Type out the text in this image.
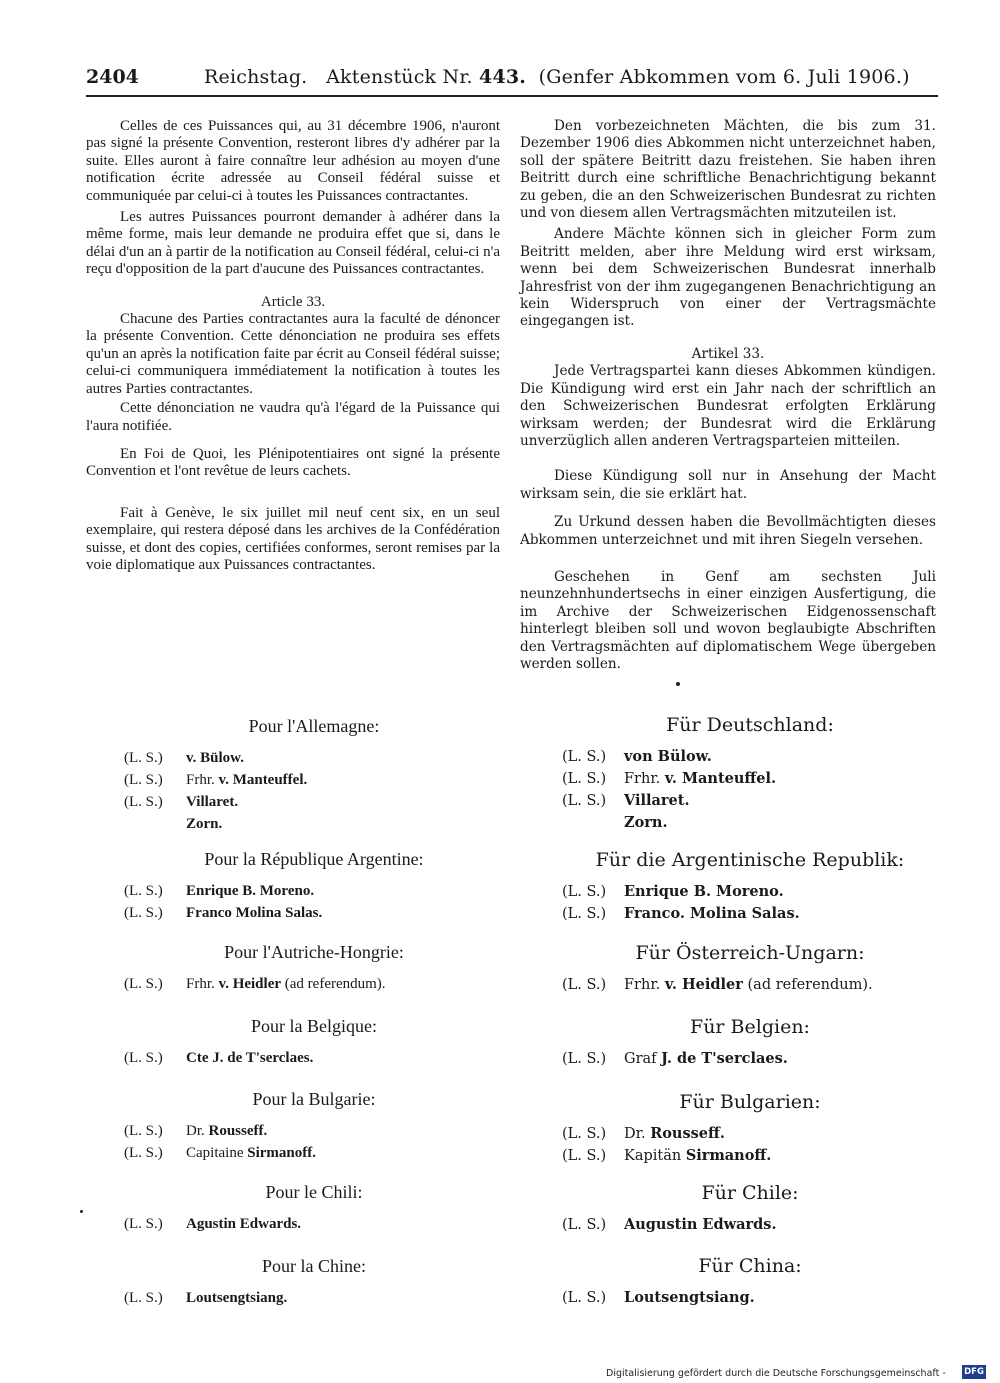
2404	Reichstag. Aktenstück Nr. 443. (Genfer Abkommen vom 6. Juli 1906.)

Celles de ces Puissances qui, au 31 décembre 1906, n'auront pas signé la présente Convention, resteront libres d'y adhérer par la suite. Elles auront à faire connaître leur adhésion au moyen d'une notification écrite adressée au Conseil fédéral suisse et communiquée par celui-ci à toutes les Puissances contractantes.

Les autres Puissances pourront demander à adhérer dans la même forme, mais leur demande ne produira effet que si, dans le délai d'un an à partir de la notification au Conseil fédéral, celui-ci n'a reçu d'opposition de la part d'aucune des Puissances contractantes.

Article 33.

Chacune des Parties contractantes aura la faculté de dénoncer la présente Convention. Cette dénonciation ne produira ses effets qu'un an après la notification faite par écrit au Conseil fédéral suisse; celui-ci communiquera immédiatement la notification à toutes les autres Parties contractantes.

Cette dénonciation ne vaudra qu'à l'égard de la Puissance qui l'aura notifiée.

En Foi de Quoi, les Plénipotentiaires ont signé la présente Convention et l'ont revêtue de leurs cachets.

Fait à Genève, le six juillet mil neuf cent six, en un seul exemplaire, qui restera déposé dans les archives de la Confédération suisse, et dont des copies, certifiées conformes, seront remises par la voie diplomatique aux Puissances contractantes.

Den vorbezeichneten Mächten, die bis zum 31. Dezember 1906 dies Abkommen nicht unterzeichnet haben, soll der spätere Beitritt dazu freistehen. Sie haben ihren Beitritt durch eine schriftliche Benachrichtigung bekannt zu geben, die an den Schweizerischen Bundesrat zu richten und von diesem allen Vertragsmächten mitzuteilen ist.

Andere Mächte können sich in gleicher Form zum Beitritt melden, aber ihre Meldung wird erst wirksam, wenn bei dem Schweizerischen Bundesrat innerhalb Jahresfrist von der ihm zugegangenen Benachrichtigung an kein Widerspruch von einer der Vertragsmächte eingegangen ist.

Artikel 33.

Jede Vertragspartei kann dieses Abkommen kündigen. Die Kündigung wird erst ein Jahr nach der schriftlich an den Schweizerischen Bundesrat erfolgten Erklärung wirksam werden; der Bundesrat wird die Erklärung unverzüglich allen anderen Vertragsparteien mitteilen.

Diese Kündigung soll nur in Ansehung der Macht wirksam sein, die sie erklärt hat.

Zu Urkund dessen haben die Bevollmächtigten dieses Abkommen unterzeichnet und mit ihren Siegeln versehen.

Geschehen in Genf am sechsten Juli neunzehnhundertsechs in einer einzigen Ausfertigung, die im Archive der Schweizerischen Eidgenossenschaft hinterlegt bleiben soll und wovon beglaubigte Abschriften den Vertragsmächten auf diplomatischem Wege übergeben werden sollen.

Pour l'Allemagne:
(L. S.)	v. Bülow.
(L. S.)	Frhr. v. Manteuffel.
(L. S.)	Villaret.
Zorn.
Pour la République Argentine:
(L. S.)	Enrique B. Moreno.
(L. S.)	Franco Molina Salas.
Pour l'Autriche-Hongrie:
(L. S.)	Frhr. v. Heidler (ad referendum).
Pour la Belgique:
(L. S.)	Cte J. de T'serclaes.
Pour la Bulgarie:
(L. S.)	Dr. Rousseff.
(L. S.)	Capitaine Sirmanoff.
Pour le Chili:
(L. S.)	Agustin Edwards.
Pour la Chine:
(L. S.)	Loutsengtsiang.
Für Deutschland:
(L. S.)	von Bülow.
(L. S.)	Frhr. v. Manteuffel.
(L. S.)	Villaret.
Zorn.
Für die Argentinische Republik:
(L. S.)	Enrique B. Moreno.
(L. S.)	Franco. Molina Salas.
Für Österreich-Ungarn:
(L. S.)	Frhr. v. Heidler (ad referendum).
Für Belgien:
(L. S.)	Graf J. de T'serclaes.
Für Bulgarien:
(L. S.)	Dr. Rousseff.
(L. S.)	Kapitän Sirmanoff.
Für Chile:
(L. S.)	Augustin Edwards.
Für China:
(L. S.)	Loutsengtsiang.
Digitalisierung gefördert durch die Deutsche Forschungsgemeinschaft - DFG
